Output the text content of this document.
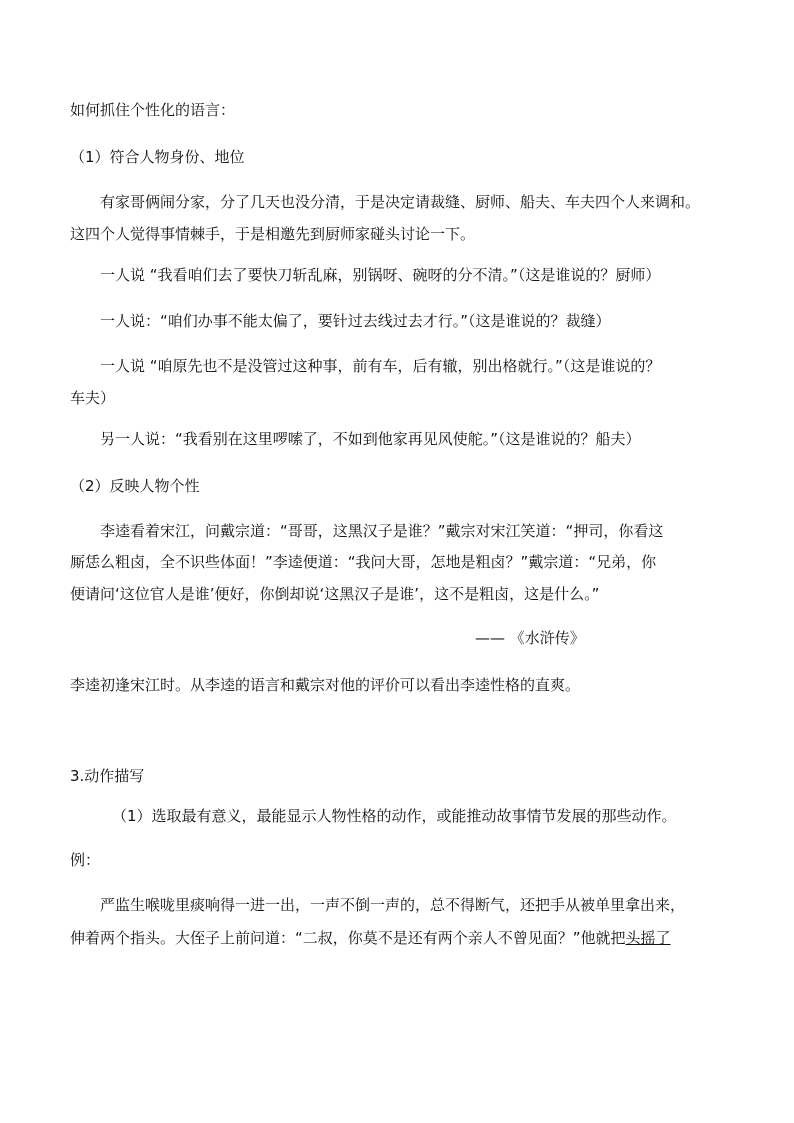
如何抓住个性化的语言：
（1）符合人物身份、地位
有家哥俩闹分家，分了几天也没分清，于是决定请裁缝、厨师、船夫、车夫四个人来调和。
这四个人觉得事情棘手，于是相邀先到厨师家碰头讨论一下。
一人说 “我看咱们去了要快刀斩乱麻，别锅呀、碗呀的分不清。”（这是谁说的？厨师）
一人说：“咱们办事不能太偏了，要针过去线过去才行。”（这是谁说的？裁缝）
一人说 “咱原先也不是没管过这种事，前有车，后有辙，别出格就行。”（这是谁说的？
车夫）
另一人说：“我看别在这里啰嗦了，不如到他家再见风使舵。”（这是谁说的？船夫）
（2）反映人物个性
李逵看着宋江，问戴宗道：“哥哥，这黑汉子是谁？”戴宗对宋江笑道：“押司，你看这
厮恁么粗卤，全不识些体面！”李逵便道：“我问大哥，怎地是粗卤？”戴宗道：“兄弟，你
便请问‘这位官人是谁’便好，你倒却说‘这黑汉子是谁’，这不是粗卤，这是什么。”
—— 《水浒传》
李逵初逢宋江时。从李逵的语言和戴宗对他的评价可以看出李逵性格的直爽。
3.动作描写
（1）选取最有意义，最能显示人物性格的动作，或能推动故事情节发展的那些动作。
例：
严监生喉咙里痰响得一进一出，一声不倒一声的，总不得断气，还把手从被单里拿出来，
伸着两个指头。大侄子上前问道：“二叔，你莫不是还有两个亲人不曾见面？”他就把头摇了
